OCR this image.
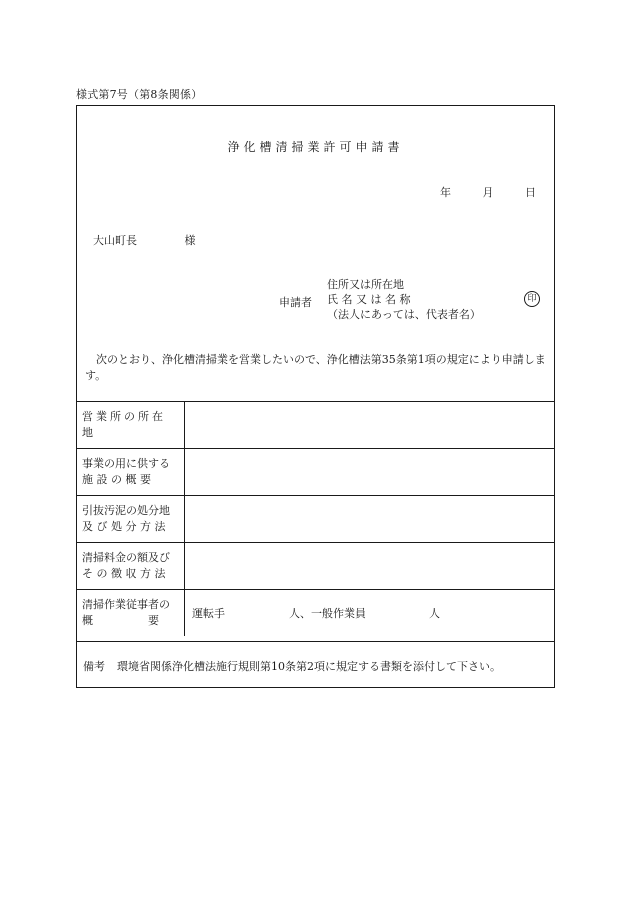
様式第7号（第8条関係）
浄化槽清掃業許可申請書
年	月	日
大山町長	様
申請者
住所又は所在地
氏 名 又 は 名 称
（法人にあっては、代表者名）
印
次のとおり、浄化槽清掃業を営業したいので、浄化槽法第35条第1項の規定により申請します。
営業所の所在地
事業の用に供する
施 設 の 概 要
引抜汚泥の処分地
及 び 処 分 方 法
清掃料金の額及び
そ の 徴 収 方 法
清掃作業従事者の
概　　　　　要
運転手	人、一般作業員	人
備考 環境省関係浄化槽法施行規則第10条第2項に規定する書類を添付して下さい。
